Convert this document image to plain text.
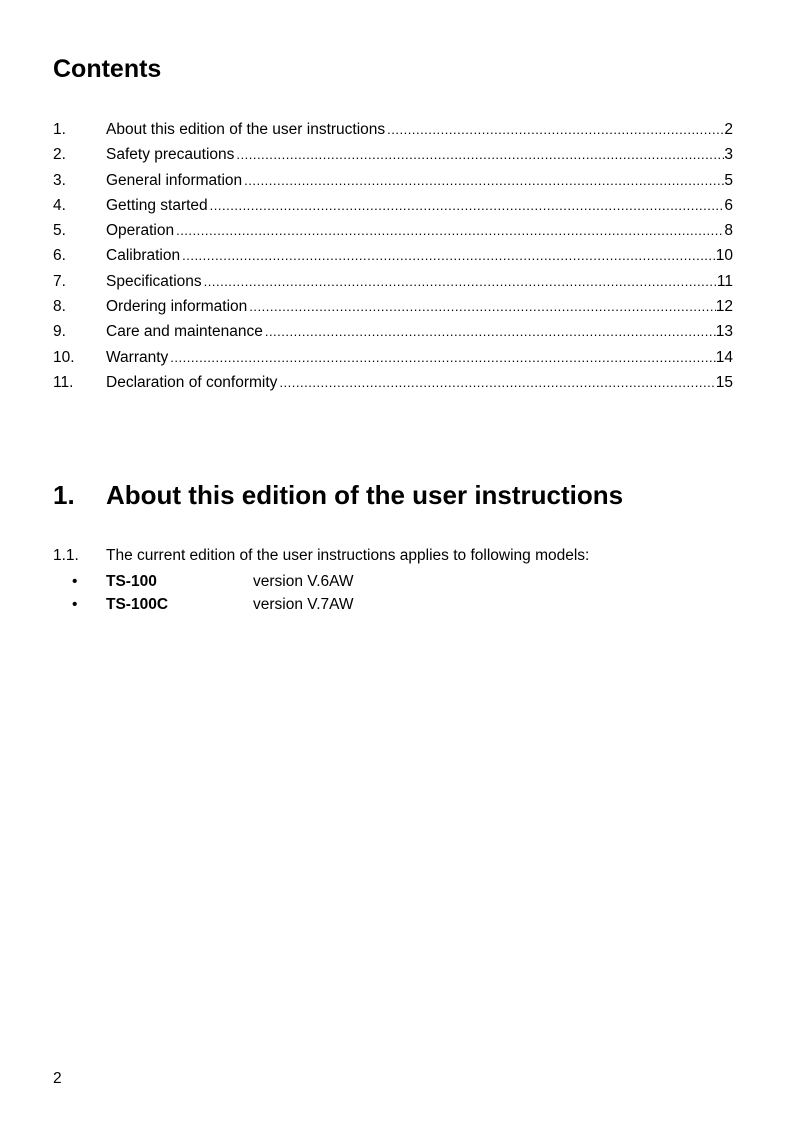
Contents
1.	About this edition of the user instructions .....	2
2.	Safety precautions .....	3
3.	General information .....	5
4.	Getting started .....	6
5.	Operation .....	8
6.	Calibration .....	10
7.	Specifications .....	11
8.	Ordering information .....	12
9.	Care and maintenance .....	13
10.	Warranty .....	14
11.	Declaration of conformity .....	15
1.	About this edition of the user instructions
1.1.	The current edition of the user instructions applies to following models:
•	TS-100	version V.6AW
•	TS-100C	version V.7AW
2
